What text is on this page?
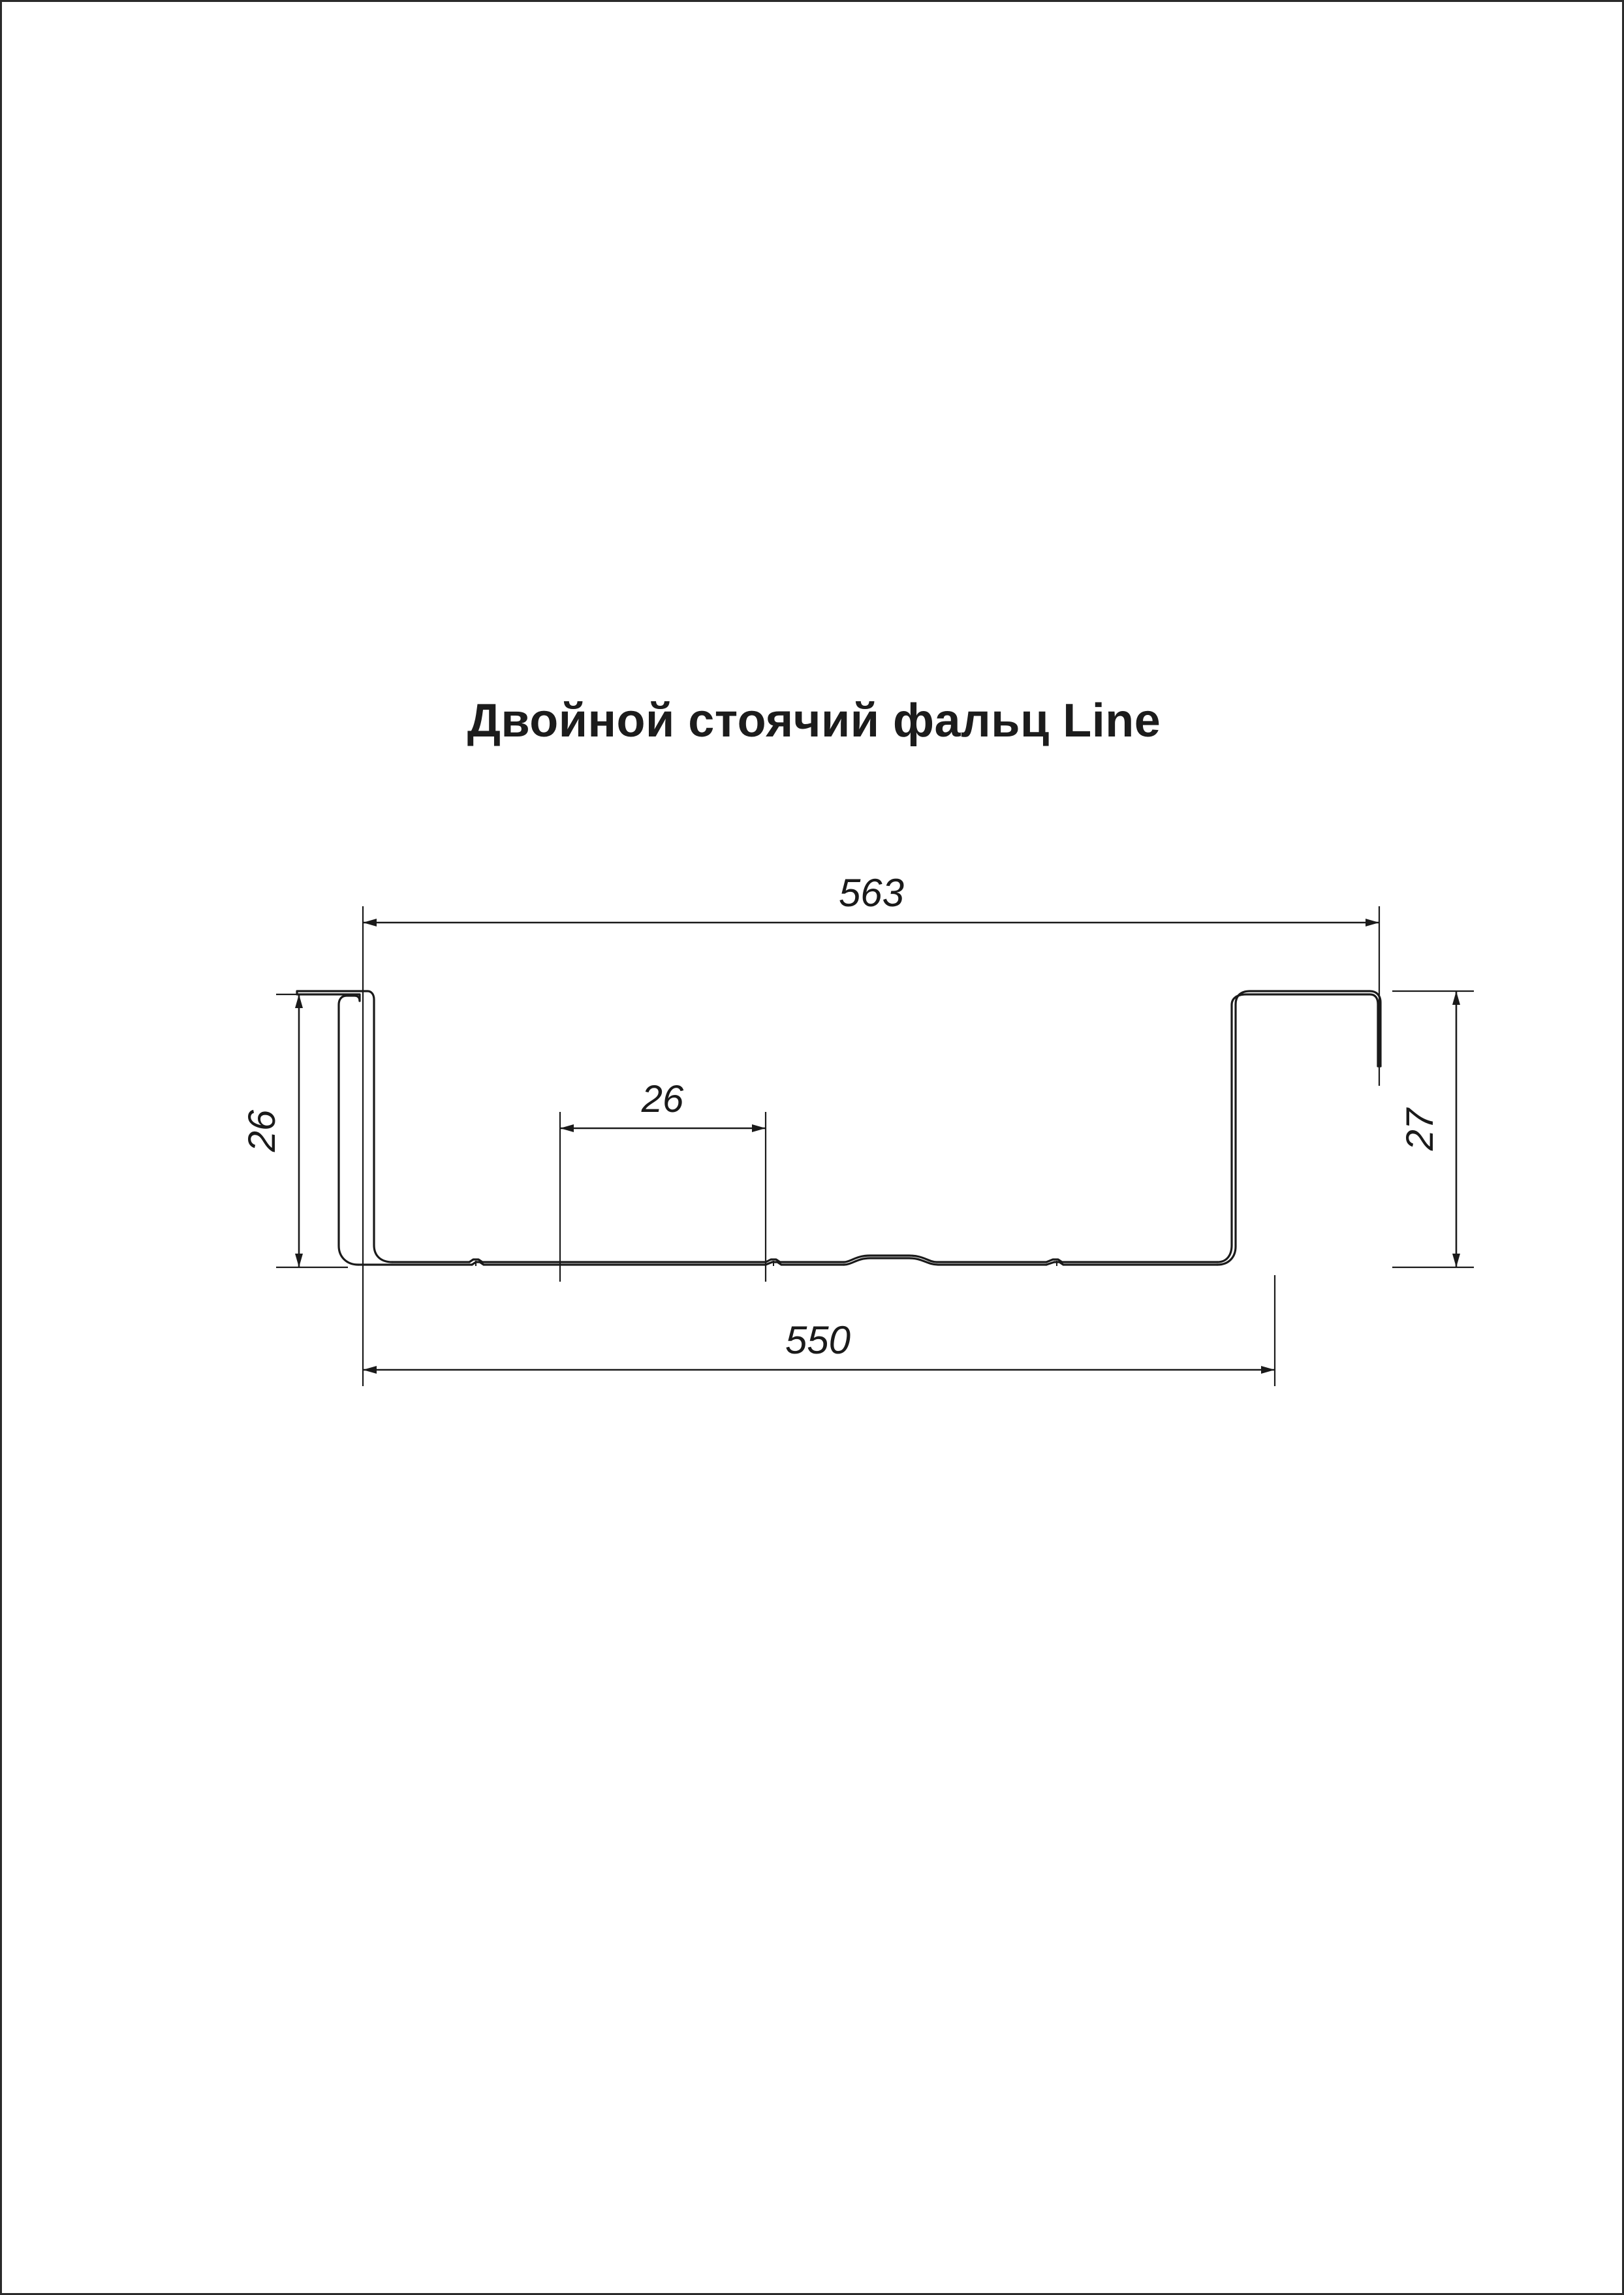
Двойной стоячий фальц Line
563
26
550
26	27
